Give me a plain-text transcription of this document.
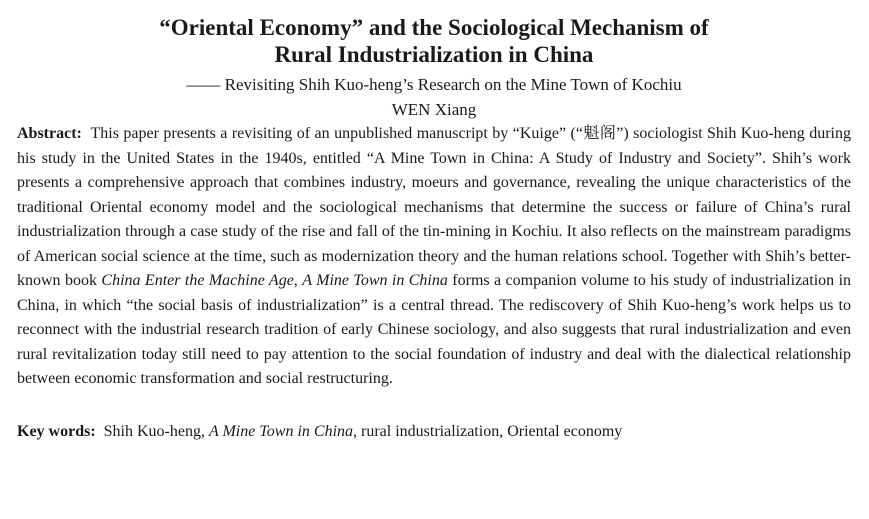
“Oriental Economy” and the Sociological Mechanism of
Rural Industrialization in China
—— Revisiting Shih Kuo-heng’s Research on the Mine Town of Kochiu
WEN Xiang
Abstract: This paper presents a revisiting of an unpublished manuscript by “Kuige” (“魁阁”) sociologist Shih Kuo-heng during his study in the United States in the 1940s, entitled “A Mine Town in China: A Study of Industry and Society”. Shih’s work presents a comprehensive approach that combines industry, moeurs and governance, revealing the unique characteristics of the traditional Oriental economy model and the sociological mechanisms that determine the success or failure of China’s rural industrialization through a case study of the rise and fall of the tin-mining in Kochiu. It also reflects on the mainstream paradigms of American social science at the time, such as modernization theory and the human relations school. Together with Shih’s better-known book China Enter the Machine Age, A Mine Town in China forms a companion volume to his study of industrialization in China, in which “the social basis of industrialization” is a central thread. The rediscovery of Shih Kuo-heng’s work helps us to reconnect with the industrial research tradition of early Chinese sociology, and also suggests that rural industrialization and even rural revitalization today still need to pay attention to the social foundation of industry and deal with the dialectical relationship between economic transformation and social restructuring.
Key words: Shih Kuo-heng, A Mine Town in China, rural industrialization, Oriental economy
